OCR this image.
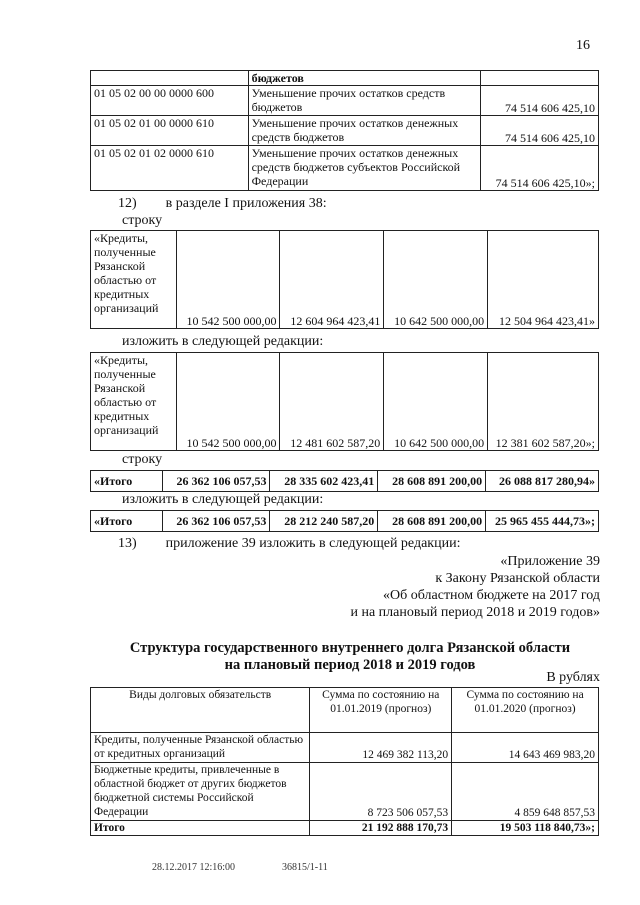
16
	бюджетов	
01 05 02 00 00 0000 600	Уменьшение прочих остатков средств бюджетов	74 514 606 425,10
01 05 02 01 00 0000 610	Уменьшение прочих остатков денежных средств бюджетов	74 514 606 425,10
01 05 02 01 02 0000 610	Уменьшение прочих остатков денежных средств бюджетов субъектов Российской Федерации	74 514 606 425,10»;
12) в разделе I приложения 38:
строку
«Кредиты, полученные Рязанской областью от кредитных организаций	10 542 500 000,00	12 604 964 423,41	10 642 500 000,00	12 504 964 423,41»
изложить в следующей редакции:
«Кредиты, полученные Рязанской областью от кредитных организаций	10 542 500 000,00	12 481 602 587,20	10 642 500 000,00	12 381 602 587,20»;
строку
«Итого	26 362 106 057,53	28 335 602 423,41	28 608 891 200,00	26 088 817 280,94»
изложить в следующей редакции:
«Итого	26 362 106 057,53	28 212 240 587,20	28 608 891 200,00	25 965 455 444,73»;
13) приложение 39 изложить в следующей редакции:
«Приложение 39
к Закону Рязанской области
«Об областном бюджете на 2017 год
и на плановый период 2018 и 2019 годов»
Структура государственного внутреннего долга Рязанской области
на плановый период 2018 и 2019 годов
В рублях
Виды долговых обязательств	Сумма по состоянию на 01.01.2019 (прогноз)	Сумма по состоянию на 01.01.2020 (прогноз)
Кредиты, полученные Рязанской областью от кредитных организаций	12 469 382 113,20	14 643 469 983,20
Бюджетные кредиты, привлеченные в областной бюджет от других бюджетов бюджетной системы Российской Федерации	8 723 506 057,53	4 859 648 857,53
Итого	21 192 888 170,73	19 503 118 840,73»;
28.12.2017 12:16:00	36815/1-11
